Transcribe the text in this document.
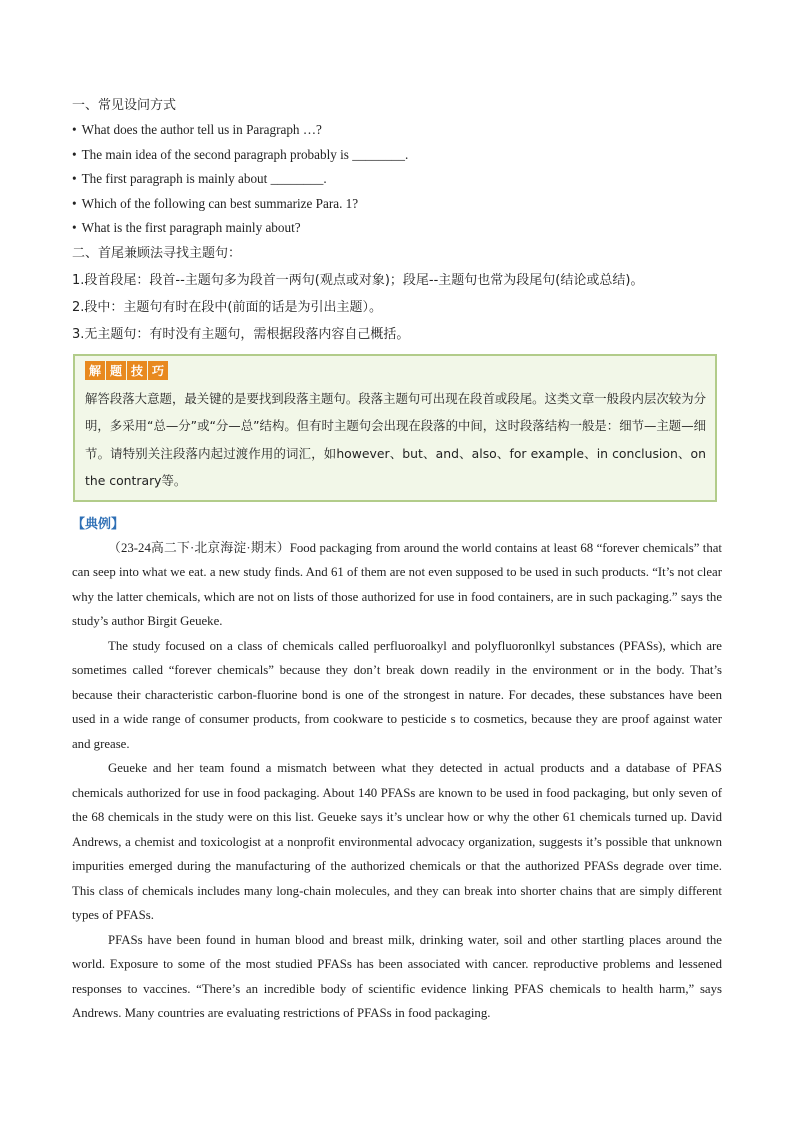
一、常见设问方式
• What does the author tell us in Paragraph …?
• The main idea of the second paragraph probably is ________.
• The first paragraph is mainly about ________.
• Which of the following can best summarize Para. 1?
• What is the first paragraph mainly about?
二、首尾兼顾法寻找主题句：
1.段首段尾：段首--主题句多为段首一两句(观点或对象)；段尾--主题句也常为段尾句(结论或总结)。
2.段中：主题句有时在段中(前面的话是为引出主题）。
3.无主题句：有时没有主题句，需根据段落内容自己概括。
解 题 技 巧
解答段落大意题，最关键的是要找到段落主题句。段落主题句可出现在段首或段尾。这类文章一般段内层次较为分明，多采用“总—分”或“分—总”结构。但有时主题句会出现在段落的中间，这时段落结构一般是：细节—主题—细节。请特别关注段落内起过渡作用的词汇，如however、but、and、also、for example、in conclusion、on the contrary等。
【典例】

（23-24高二下·北京海淀·期末）Food packaging from around the world contains at least 68 “forever chemicals” that can seep into what we eat. a new study finds. And 61 of them are not even supposed to be used in such products. “It’s not clear why the latter chemicals, which are not on lists of those authorized for use in food containers, are in such packaging.” says the study’s author Birgit Geueke.

The study focused on a class of chemicals called perfluoroalkyl and polyfluoronlkyl substances (PFASs), which are sometimes called “forever chemicals” because they don’t break down readily in the environment or in the body. That’s because their characteristic carbon-fluorine bond is one of the strongest in nature. For decades, these substances have been used in a wide range of consumer products, from cookware to pesticide s to cosmetics, because they are proof against water and grease.

Geueke and her team found a mismatch between what they detected in actual products and a database of PFAS chemicals authorized for use in food packaging. About 140 PFASs are known to be used in food packaging, but only seven of the 68 chemicals in the study were on this list. Geueke says it’s unclear how or why the other 61 chemicals turned up. David Andrews, a chemist and toxicologist at a nonprofit environmental advocacy organization, suggests it’s possible that unknown impurities emerged during the manufacturing of the authorized chemicals or that the authorized PFASs degrade over time. This class of chemicals includes many long-chain molecules, and they can break into shorter chains that are simply different types of PFASs.

PFASs have been found in human blood and breast milk, drinking water, soil and other startling places around the world. Exposure to some of the most studied PFASs has been associated with cancer. reproductive problems and lessened responses to vaccines. “There’s an incredible body of scientific evidence linking PFAS chemicals to health harm,” says Andrews. Many countries are evaluating restrictions of PFASs in food packaging.
